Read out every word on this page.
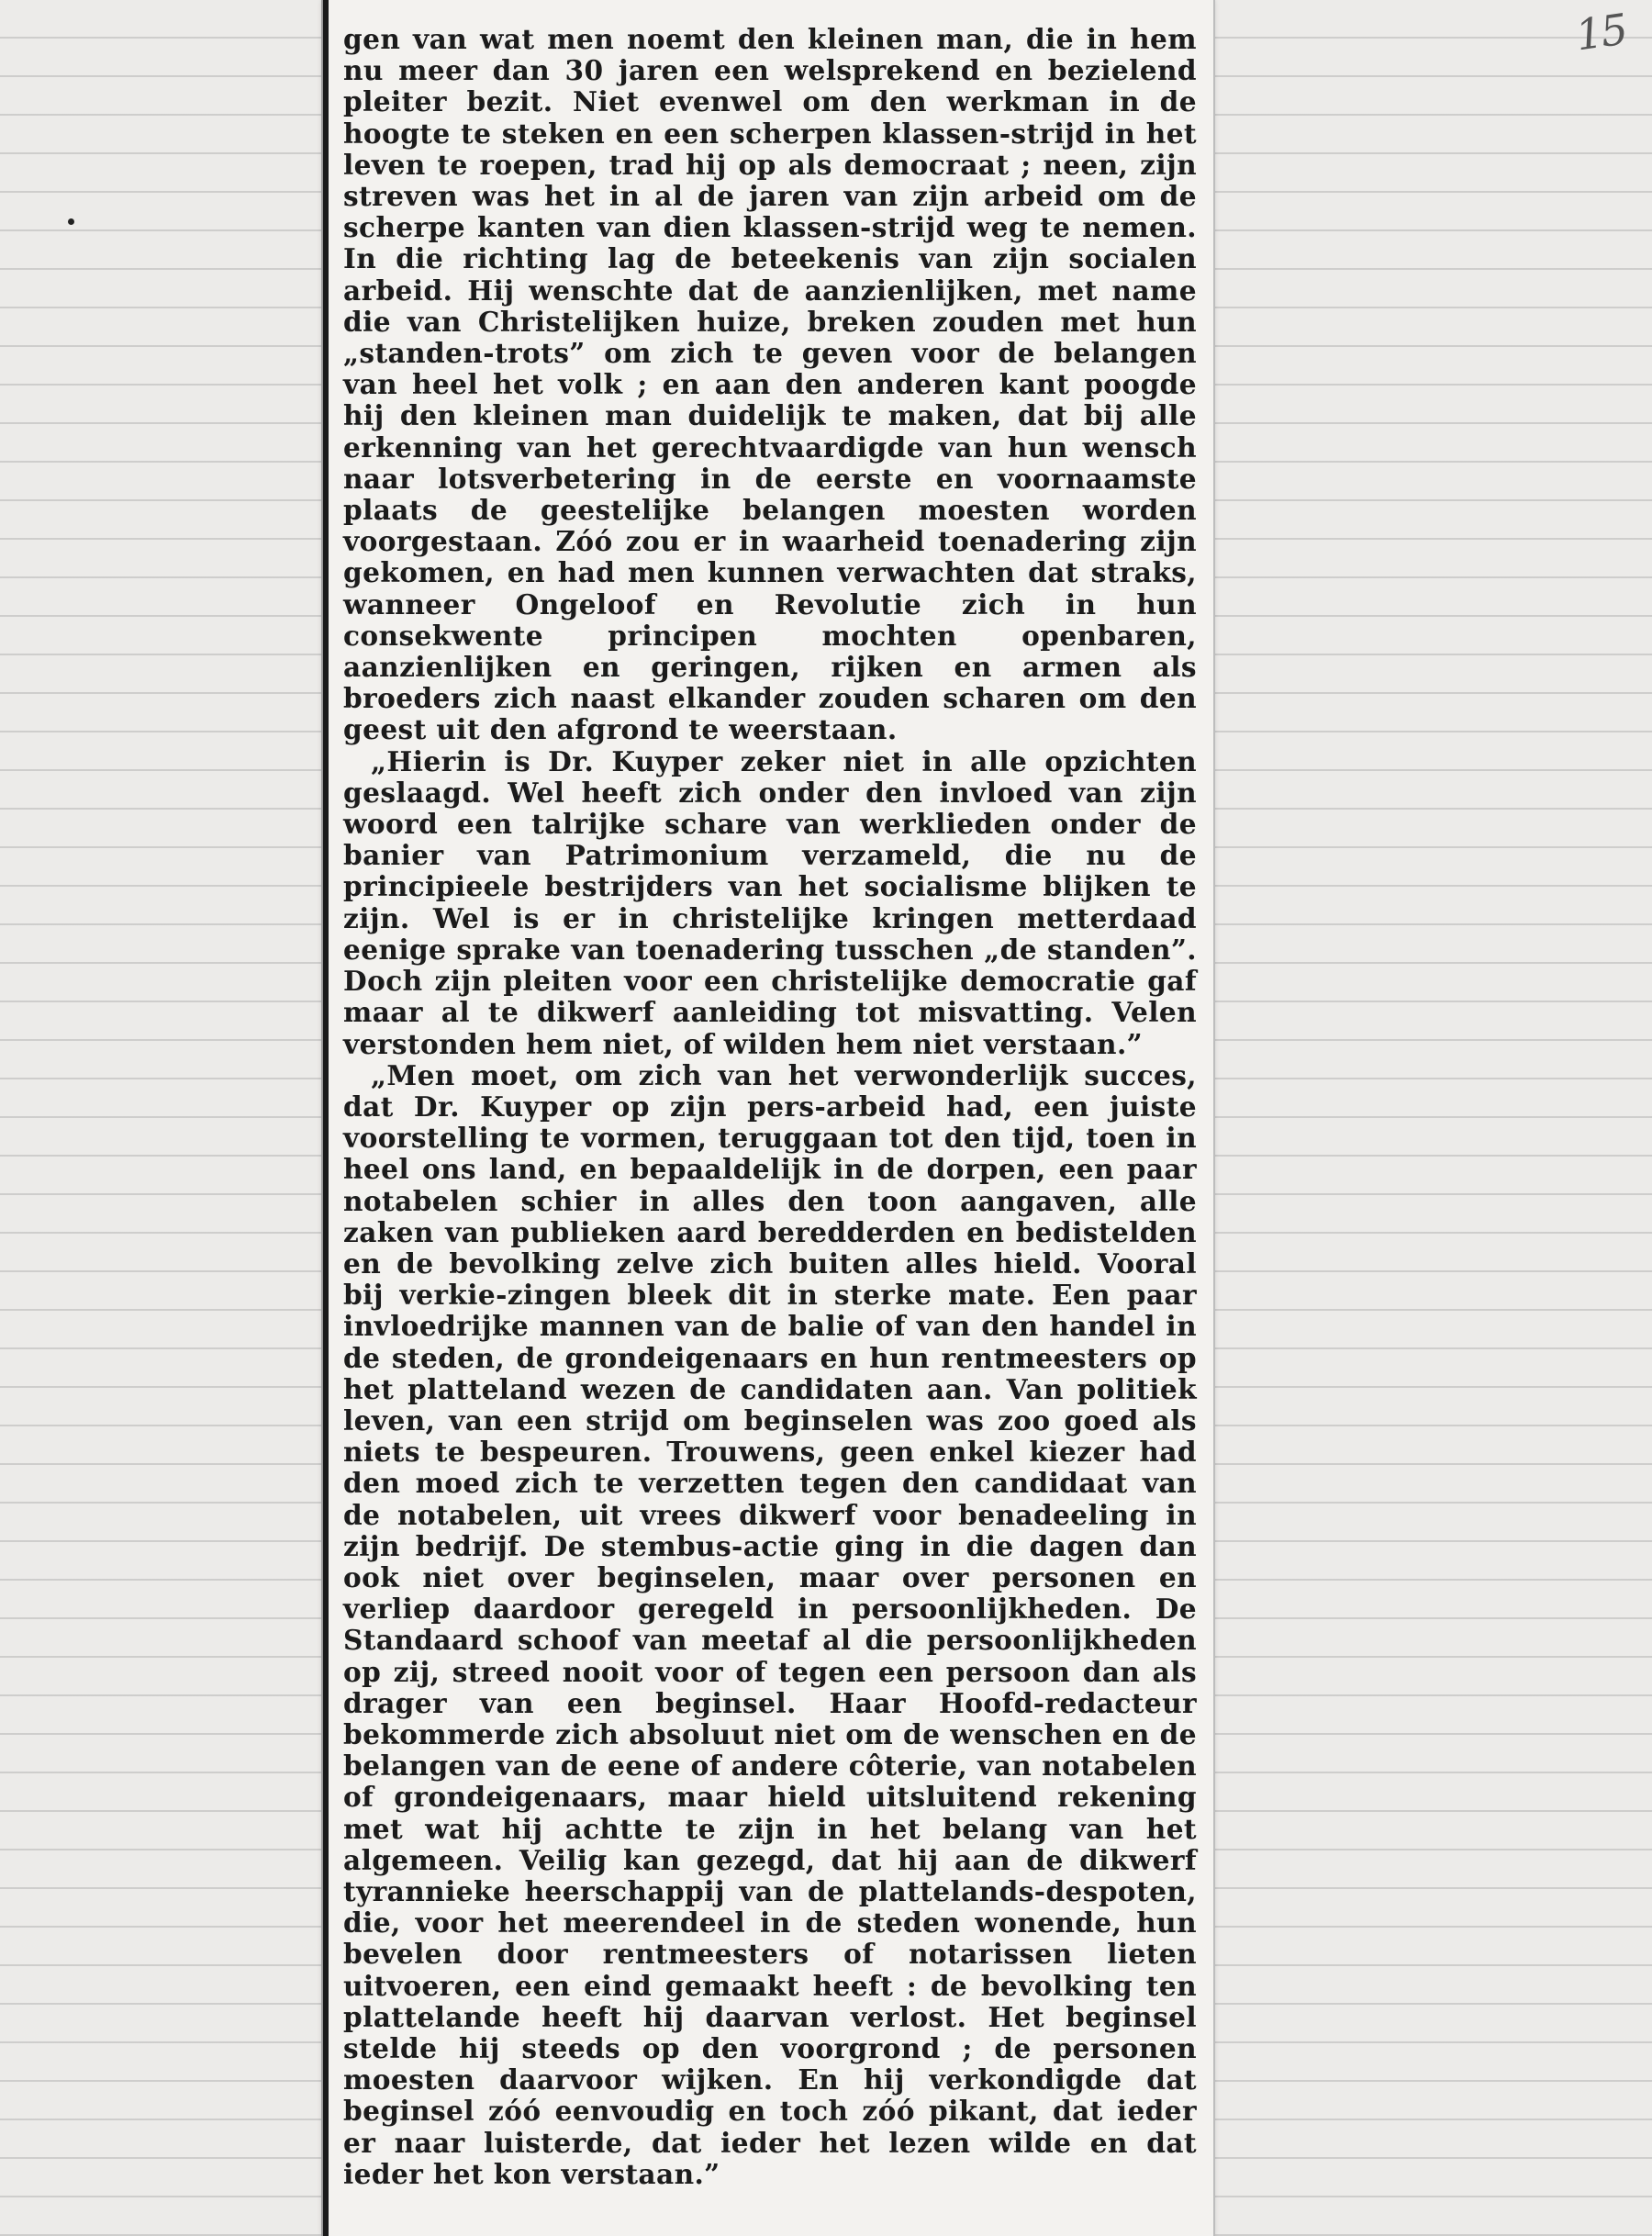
15

gen van wat men noemt den kleinen man, die in hem nu meer dan 30 jaren een welsprekend en bezielend pleiter bezit. Niet evenwel om den werkman in de hoogte te steken en een scherpen klassen-strijd in het leven te roepen, trad hij op als democraat ; neen, zijn streven was het in al de jaren van zijn arbeid om de scherpe kanten van dien klassen-strijd weg te nemen. In die richting lag de beteekenis van zijn socialen arbeid. Hij wenschte dat de aanzienlijken, met name die van Christelijken huize, breken zouden met hun „standen-trots” om zich te geven voor de belangen van heel het volk ; en aan den anderen kant poogde hij den kleinen man duidelijk te maken, dat bij alle erkenning van het gerechtvaardigde van hun wensch naar lotsverbetering in de eerste en voornaamste plaats de geestelijke belangen moesten worden voorgestaan. Zóó zou er in waarheid toenadering zijn gekomen, en had men kunnen verwachten dat straks, wanneer Ongeloof en Revolutie zich in hun consekwente principen mochten openbaren, aanzienlijken en geringen, rijken en armen als broeders zich naast elkander zouden scharen om den geest uit den afgrond te weerstaan.

„Hierin is Dr. Kuyper zeker niet in alle opzichten geslaagd. Wel heeft zich onder den invloed van zijn woord een talrijke schare van werklieden onder de banier van Patrimonium verzameld, die nu de principieele bestrijders van het socialisme blijken te zijn. Wel is er in christelijke kringen metterdaad eenige sprake van toenadering tusschen „de standen”. Doch zijn pleiten voor een christelijke democratie gaf maar al te dikwerf aanleiding tot misvatting. Velen verstonden hem niet, of wilden hem niet verstaan.”

„Men moet, om zich van het verwonderlijk succes, dat Dr. Kuyper op zijn pers-arbeid had, een juiste voorstelling te vormen, teruggaan tot den tijd, toen in heel ons land, en bepaaldelijk in de dorpen, een paar notabelen schier in alles den toon aangaven, alle zaken van publieken aard beredderden en bedistelden en de bevolking zelve zich buiten alles hield. Vooral bij verkie-zingen bleek dit in sterke mate. Een paar invloedrijke mannen van de balie of van den handel in de steden, de grondeigenaars en hun rentmeesters op het platteland wezen de candidaten aan. Van politiek leven, van een strijd om beginselen was zoo goed als niets te bespeuren. Trouwens, geen enkel kiezer had den moed zich te verzetten tegen den candidaat van de notabelen, uit vrees dikwerf voor benadeeling in zijn bedrijf. De stembus-actie ging in die dagen dan ook niet over beginselen, maar over personen en verliep daardoor geregeld in persoonlijkheden. De Standaard schoof van meetaf al die persoonlijkheden op zij, streed nooit voor of tegen een persoon dan als drager van een beginsel. Haar Hoofd-redacteur bekommerde zich absoluut niet om de wenschen en de belangen van de eene of andere côterie, van notabelen of grondeigenaars, maar hield uitsluitend rekening met wat hij achtte te zijn in het belang van het algemeen. Veilig kan gezegd, dat hij aan de dikwerf tyrannieke heerschappij van de plattelands-despoten, die, voor het meerendeel in de steden wonende, hun bevelen door rentmeesters of notarissen lieten uitvoeren, een eind gemaakt heeft : de bevolking ten plattelande heeft hij daarvan verlost. Het beginsel stelde hij steeds op den voorgrond ; de personen moesten daarvoor wijken. En hij verkondigde dat beginsel zóó eenvoudig en toch zóó pikant, dat ieder er naar luisterde, dat ieder het lezen wilde en dat ieder het kon verstaan.”
